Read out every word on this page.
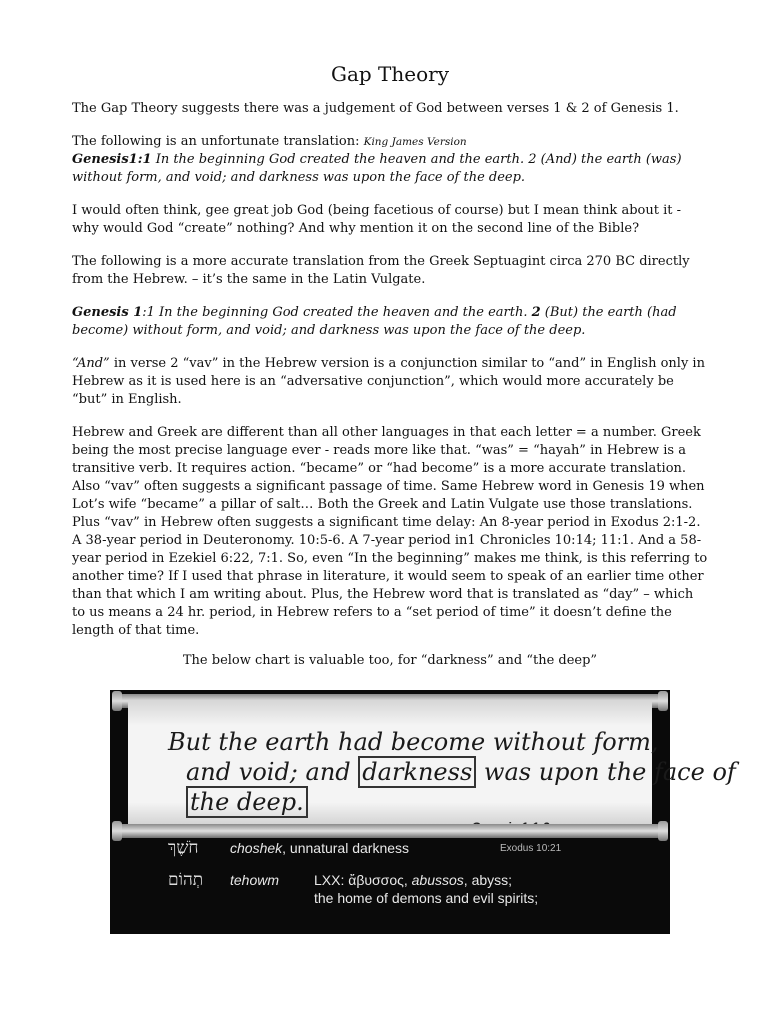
Gap Theory

The Gap Theory suggests there was a judgement of God between verses 1 & 2 of Genesis 1.

The following is an unfortunate translation: King James Version
Genesis1:1 In the beginning God created the heaven and the earth. 2 (And) the earth (was) without form, and void; and darkness was upon the face of the deep.

I would often think, gee great job God (being facetious of course) but I mean think about it - why would God “create” nothing? And why mention it on the second line of the Bible?

The following is a more accurate translation from the Greek Septuagint circa 270 BC directly from the Hebrew. – it’s the same in the Latin Vulgate.

Genesis 1:1 In the beginning God created the heaven and the earth. 2 (But) the earth (had become) without form, and void; and darkness was upon the face of the deep.

“And” in verse 2 “vav” in the Hebrew version is a conjunction similar to “and” in English only in Hebrew as it is used here is an “adversative conjunction”, which would more accurately be “but” in English.

Hebrew and Greek are different than all other languages in that each letter = a number. Greek being the most precise language ever - reads more like that. “was” = “hayah” in Hebrew is a transitive verb. It requires action. “became” or “had become” is a more accurate translation. Also “vav” often suggests a significant passage of time. Same Hebrew word in Genesis 19 when Lot’s wife “became” a pillar of salt… Both the Greek and Latin Vulgate use those translations. Plus “vav” in Hebrew often suggests a significant time delay: An 8-year period in Exodus 2:1-2. A 38-year period in Deuteronomy. 10:5-6. A 7-year period in1 Chronicles 10:14; 11:1. And a 58-year period in Ezekiel 6:22, 7:1. So, even “In the beginning” makes me think, is this referring to another time? If I used that phrase in literature, it would seem to speak of an earlier time other than that which I am writing about. Plus, the Hebrew word that is translated as “day” – which to us means a 24 hr. period, in Hebrew refers to a “set period of time” it doesn’t define the length of that time.

The below chart is valuable too, for “darkness” and “the deep”

But the earth had become without form,
and void; and darkness was upon the face of
the deep.
חֹשֶׁךְ choshek, unnatural darkness	Exodus 10:21
תְהוֹם tehowm LXX: ἄβυσσος, abussos, abyss;
the home of demons and evil spirits;
